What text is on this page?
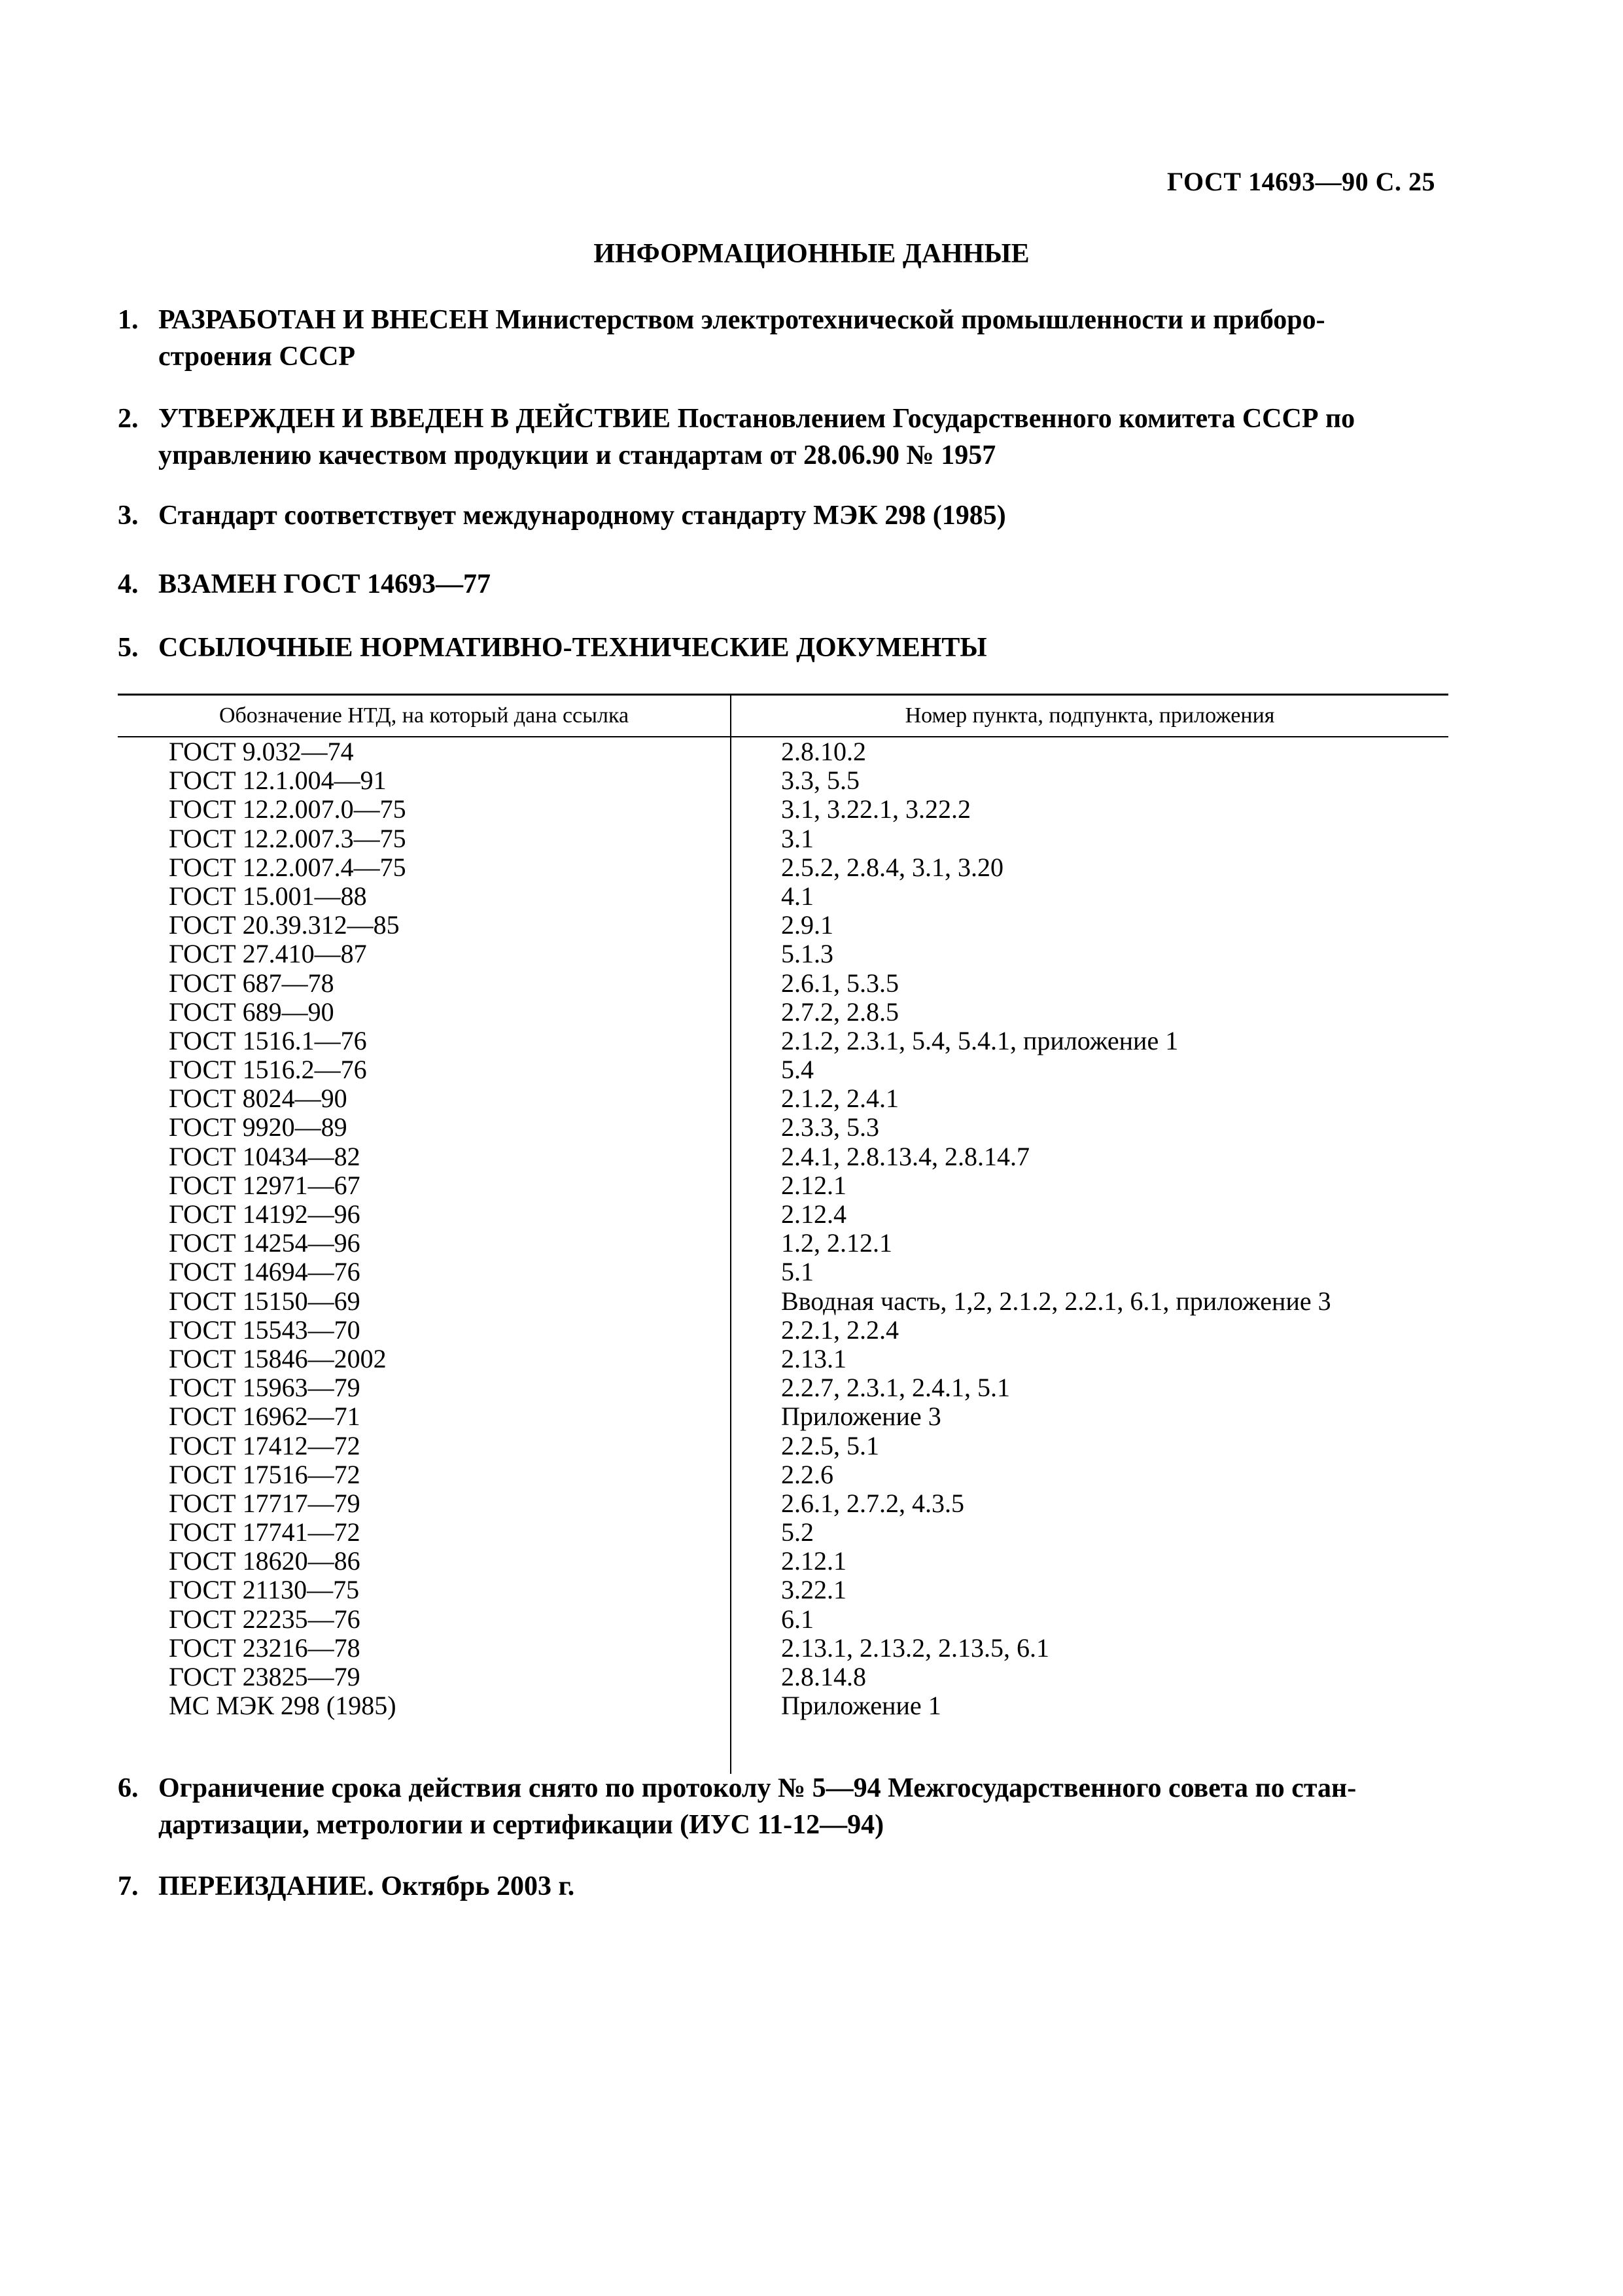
ГОСТ 14693—90 С. 25
ИНФОРМАЦИОННЫЕ ДАННЫЕ
1. РАЗРАБОТАН И ВНЕСЕН Министерством электротехнической промышленности и приборо-
строения СССР
2. УТВЕРЖДЕН И ВВЕДЕН В ДЕЙСТВИЕ Постановлением Государственного комитета СССР по
управлению качеством продукции и стандартам от 28.06.90 № 1957
3. Стандарт соответствует международному стандарту МЭК 298 (1985)
4. ВЗАМЕН ГОСТ 14693—77
5. ССЫЛОЧНЫЕ НОРМАТИВНО-ТЕХНИЧЕСКИЕ ДОКУМЕНТЫ
Обозначение НТД, на который дана ссылка	Номер пункта, подпункта, приложения
ГОСТ 9.032—74	2.8.10.2
ГОСТ 12.1.004—91	3.3, 5.5
ГОСТ 12.2.007.0—75	3.1, 3.22.1, 3.22.2
ГОСТ 12.2.007.3—75	3.1
ГОСТ 12.2.007.4—75	2.5.2, 2.8.4, 3.1, 3.20
ГОСТ 15.001—88	4.1
ГОСТ 20.39.312—85	2.9.1
ГОСТ 27.410—87	5.1.3
ГОСТ 687—78	2.6.1, 5.3.5
ГОСТ 689—90	2.7.2, 2.8.5
ГОСТ 1516.1—76	2.1.2, 2.3.1, 5.4, 5.4.1, приложение 1
ГОСТ 1516.2—76	5.4
ГОСТ 8024—90	2.1.2, 2.4.1
ГОСТ 9920—89	2.3.3, 5.3
ГОСТ 10434—82	2.4.1, 2.8.13.4, 2.8.14.7
ГОСТ 12971—67	2.12.1
ГОСТ 14192—96	2.12.4
ГОСТ 14254—96	1.2, 2.12.1
ГОСТ 14694—76	5.1
ГОСТ 15150—69	Вводная часть, 1,2, 2.1.2, 2.2.1, 6.1, приложение 3
ГОСТ 15543—70	2.2.1, 2.2.4
ГОСТ 15846—2002	2.13.1
ГОСТ 15963—79	2.2.7, 2.3.1, 2.4.1, 5.1
ГОСТ 16962—71	Приложение 3
ГОСТ 17412—72	2.2.5, 5.1
ГОСТ 17516—72	2.2.6
ГОСТ 17717—79	2.6.1, 2.7.2, 4.3.5
ГОСТ 17741—72	5.2
ГОСТ 18620—86	2.12.1
ГОСТ 21130—75	3.22.1
ГОСТ 22235—76	6.1
ГОСТ 23216—78	2.13.1, 2.13.2, 2.13.5, 6.1
ГОСТ 23825—79	2.8.14.8
МС МЭК 298 (1985)	Приложение 1
6. Ограничение срока действия снято по протоколу № 5—94 Межгосударственного совета по стан-
дартизации, метрологии и сертификации (ИУС 11-12—94)
7. ПЕРЕИЗДАНИЕ. Октябрь 2003 г.
